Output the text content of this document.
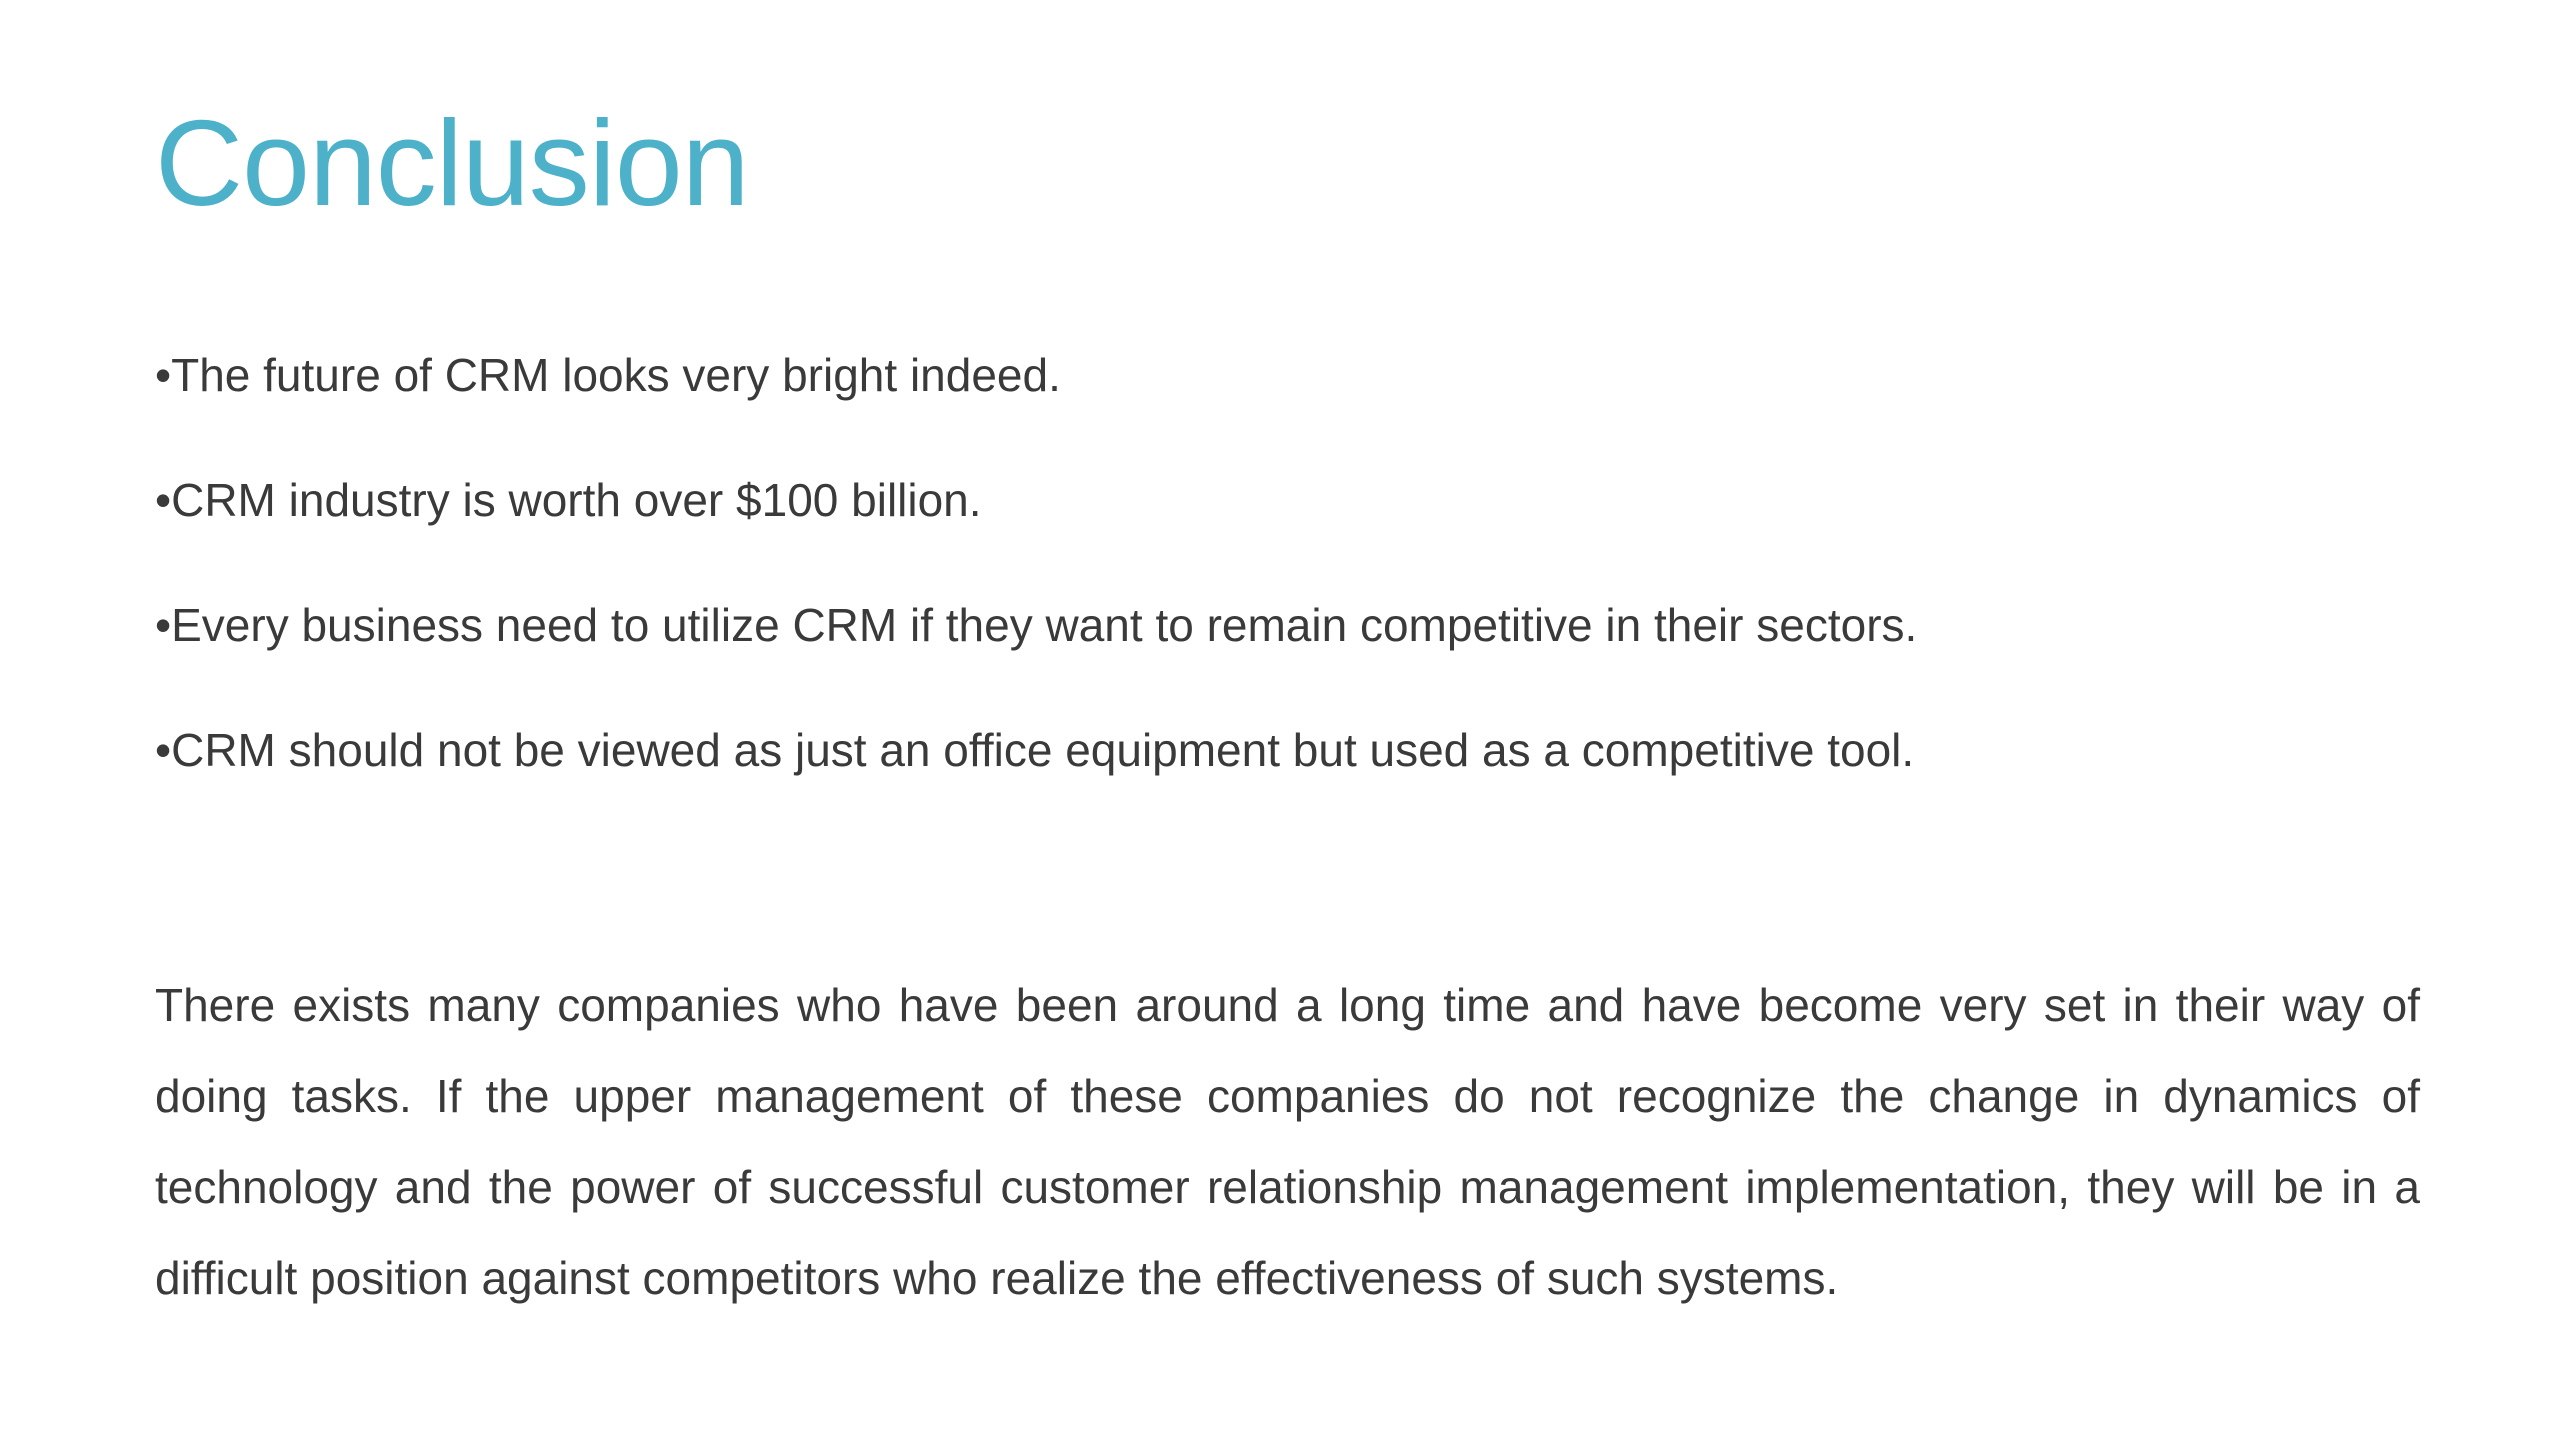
Conclusion
•The future of CRM looks very bright indeed.
•CRM industry is worth over $100 billion.
•Every business need to utilize CRM if they want to remain competitive in their sectors.
•CRM should not be viewed as just an office equipment but used as a competitive tool.

There exists many companies who have been around a long time and have become very set in their way of doing tasks. If the upper management of these companies do not recognize the change in dynamics of technology and the power of successful customer relationship management implementation, they will be in a difficult position against competitors who realize the effectiveness of such systems.
